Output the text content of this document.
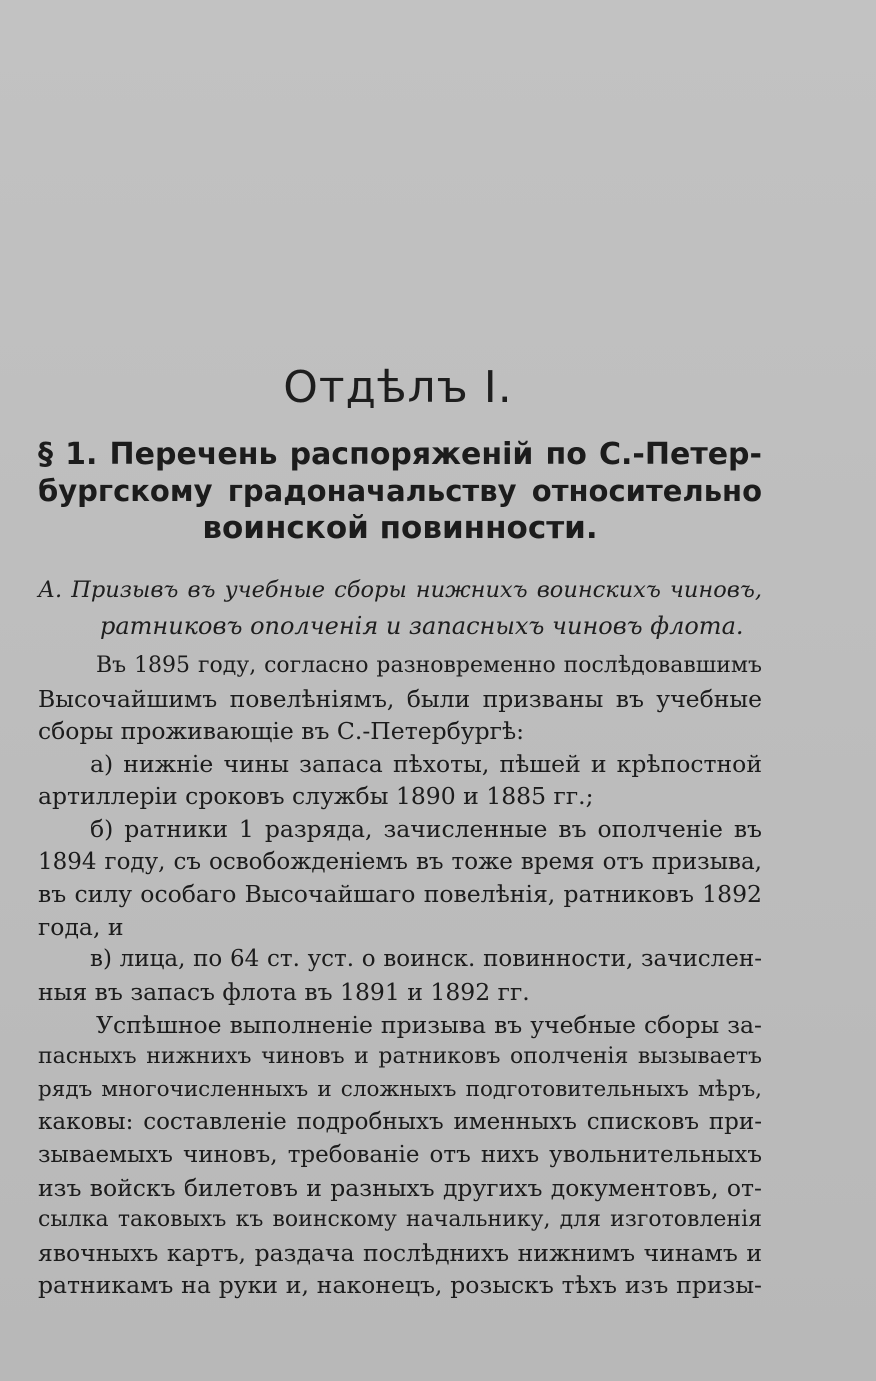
Отдѣлъ I.
§ 1. Перечень распоряженій по С.-Петер-
бургскому градоначальству относительно
воинской повинности.
А. Призывъ въ учебные сборы нижнихъ воинскихъ чиновъ,
ратниковъ ополченія и запасныхъ чиновъ флота.
Въ 1895 году, согласно разновременно послѣдовавшимъ
Высочайшимъ повелѣніямъ, были призваны въ учебные
сборы проживающіе въ С.-Петербургѣ:
а) нижніе чины запаса пѣхоты, пѣшей и крѣпостной
артиллеріи сроковъ службы 1890 и 1885 гг.;
б) ратники 1 разряда, зачисленные въ ополченіе въ
1894 году, съ освобожденіемъ въ тоже время отъ призыва,
въ силу особаго Высочайшаго повелѣнія, ратниковъ 1892
года, и
в) лица, по 64 ст. уст. о воинск. повинности, зачислен-
ныя въ запасъ флота въ 1891 и 1892 гг.
Успѣшное выполненіе призыва въ учебные сборы за-
пасныхъ нижнихъ чиновъ и ратниковъ ополченія вызываетъ
рядъ многочисленныхъ и сложныхъ подготовительныхъ мѣръ,
каковы: составленіе подробныхъ именныхъ списковъ при-
зываемыхъ чиновъ, требованіе отъ нихъ увольнительныхъ
изъ войскъ билетовъ и разныхъ другихъ документовъ, от-
сылка таковыхъ къ воинскому начальнику, для изготовленія
явочныхъ картъ, раздача послѣднихъ нижнимъ чинамъ и
ратникамъ на руки и, наконецъ, розыскъ тѣхъ изъ призы-
